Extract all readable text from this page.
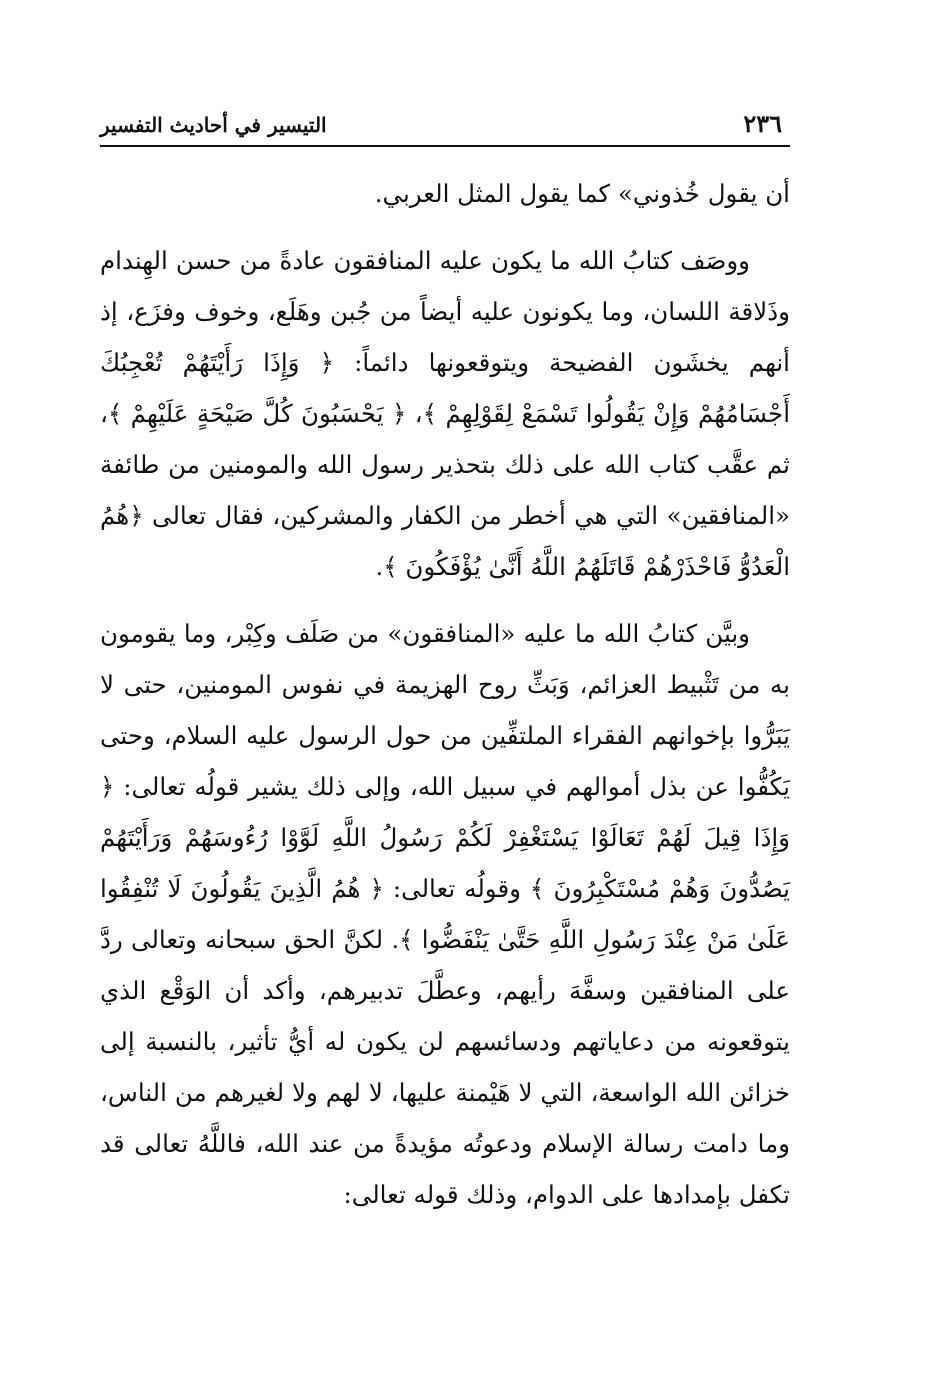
٢٣٦
التيسير في أحاديث التفسير

أن يقول خُذوني» كما يقول المثل العربي.

ووصَف كتابُ الله ما يكون عليه المنافقون عادةً من حسن الهِندام وذَلاقة اللسان، وما يكونون عليه أيضاً من جُبن وهَلَع، وخوف وفزَع، إذ أنهم يخشَون الفضيحة ويتوقعونها دائماً: ﴿ وَإِذَا رَأَيْتَهُمْ تُعْجِبُكَ أَجْسَامُهُمْ وَإِنْ يَقُولُوا تَسْمَعْ لِقَوْلِهِمْ ﴾، ﴿ يَحْسَبُونَ كُلَّ صَيْحَةٍ عَلَيْهِمْ ﴾، ثم عقَّب كتاب الله على ذلك بتحذير رسول الله والمومنين من طائفة «المنافقين» التي هي أخطر من الكفار والمشركين، فقال تعالى ﴿هُمُ الْعَدُوُّ فَاحْذَرْهُمْ قَاتَلَهُمُ اللَّهُ أَنَّىٰ يُؤْفَكُونَ ﴾.

وبيَّن كتابُ الله ما عليه «المنافقون» من صَلَف وكِبْر، وما يقومون به من تَثْبيط العزائم، وَبَثِّ روح الهزيمة في نفوس المومنين، حتى لا يَبَرُّوا بإخوانهم الفقراء الملتفِّين من حول الرسول عليه السلام، وحتى يَكُفُّوا عن بذل أموالهم في سبيل الله، وإلى ذلك يشير قولُه تعالى: ﴿ وَإِذَا قِيلَ لَهُمْ تَعَالَوْا يَسْتَغْفِرْ لَكُمْ رَسُولُ اللَّهِ لَوَّوْا رُءُوسَهُمْ وَرَأَيْتَهُمْ يَصُدُّونَ وَهُمْ مُسْتَكْبِرُونَ ﴾ وقولُه تعالى: ﴿ هُمُ الَّذِينَ يَقُولُونَ لَا تُنْفِقُوا عَلَىٰ مَنْ عِنْدَ رَسُولِ اللَّهِ حَتَّىٰ يَنْفَضُّوا ﴾. لكنَّ الحق سبحانه وتعالى ردَّ على المنافقين وسفَّهَ رأيهم، وعطَّلَ تدبيرهم، وأكد أن الوَقْع الذي يتوقعونه من دعاياتهم ودسائسهم لن يكون له أيُّ تأثير، بالنسبة إلى خزائن الله الواسعة، التي لا هَيْمنة عليها، لا لهم ولا لغيرهم من الناس، وما دامت رسالة الإسلام ودعوتُه مؤيدةً من عند الله، فاللَّهُ تعالى قد تكفل بإمدادها على الدوام، وذلك قوله تعالى:
